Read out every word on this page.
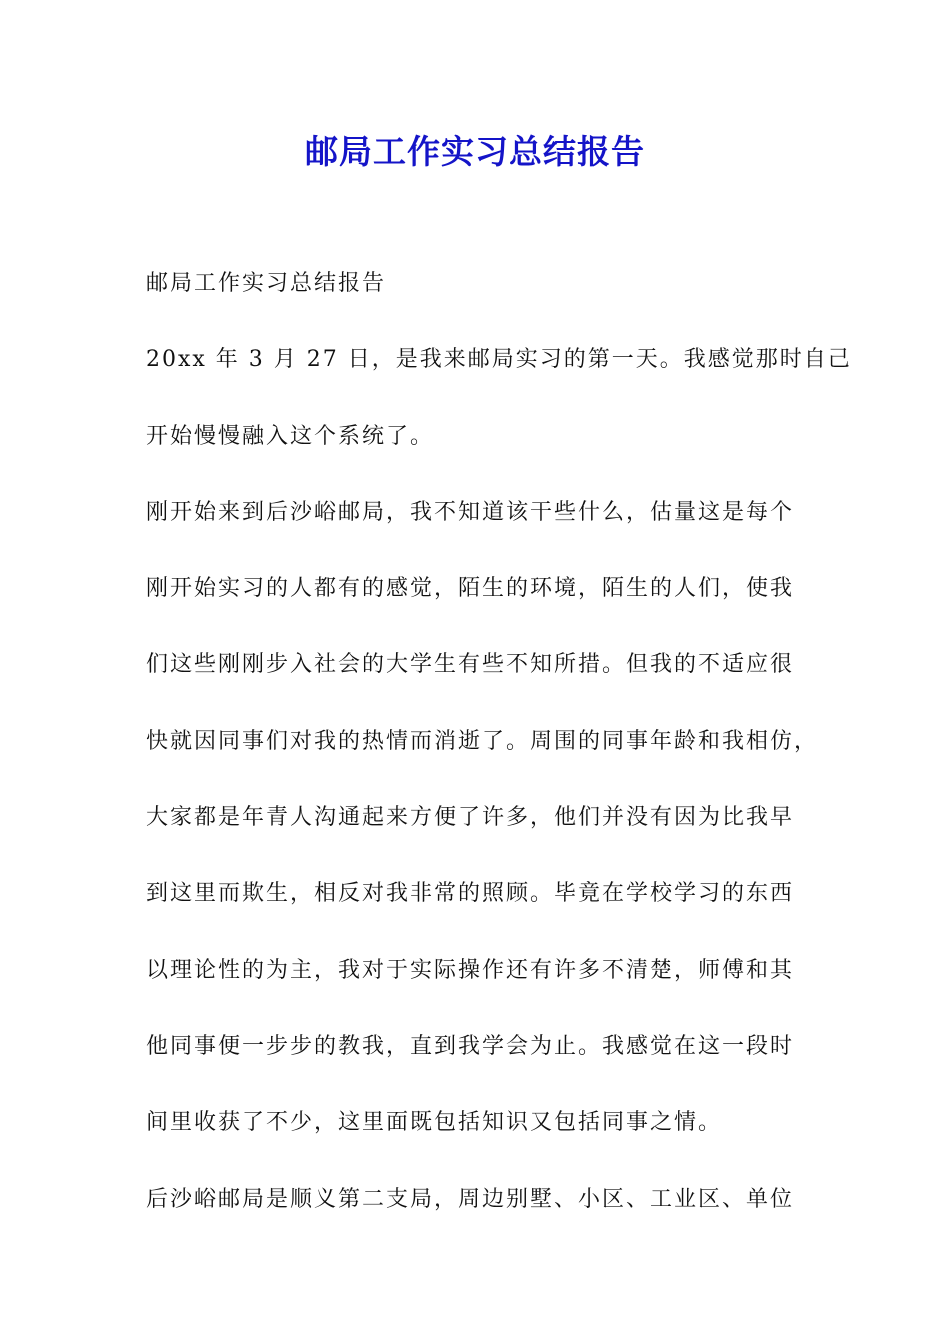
邮局工作实习总结报告
邮局工作实习总结报告
20xx 年 3 月 27 日，是我来邮局实习的第一天。我感觉那时自己
开始慢慢融入这个系统了。
刚开始来到后沙峪邮局，我不知道该干些什么，估量这是每个
刚开始实习的人都有的感觉，陌生的环境，陌生的人们，使我
们这些刚刚步入社会的大学生有些不知所措。但我的不适应很
快就因同事们对我的热情而消逝了。周围的同事年龄和我相仿，
大家都是年青人沟通起来方便了许多，他们并没有因为比我早
到这里而欺生，相反对我非常的照顾。毕竟在学校学习的东西
以理论性的为主，我对于实际操作还有许多不清楚，师傅和其
他同事便一步步的教我，直到我学会为止。我感觉在这一段时
间里收获了不少，这里面既包括知识又包括同事之情。
后沙峪邮局是顺义第二支局，周边别墅、小区、工业区、单位
